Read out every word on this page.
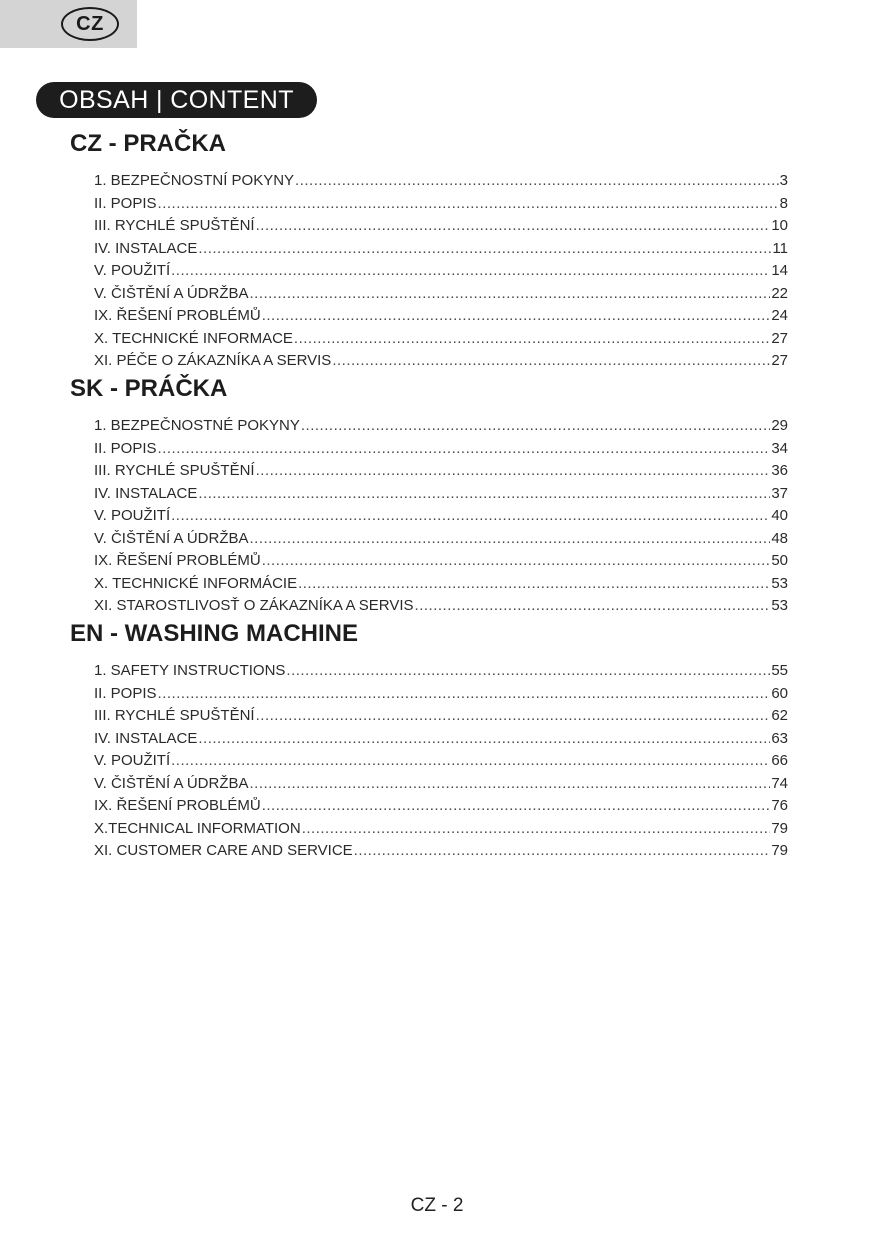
CZ
OBSAH | CONTENT
CZ - PRAČKA
1. BEZPEČNOSTNÍ POKYNY .....	3
II. POPIS .....	8
III. RYCHLÉ SPUŠTĚNÍ .....	10
IV. INSTALACE .....	11
V. POUŽITÍ .....	14
V. ČIŠTĚNÍ A ÚDRŽBA .....	22
IX. ŘEŠENÍ PROBLÉMŮ .....	24
X. TECHNICKÉ INFORMACE .....	27
XI. PÉČE O ZÁKAZNÍKA A SERVIS .....	27
SK - PRÁČKA
1. BEZPEČNOSTNÉ POKYNY .....	29
II. POPIS .....	34
III. RYCHLÉ SPUŠTĚNÍ .....	36
IV. INSTALACE .....	37
V. POUŽITÍ .....	40
V. ČIŠTĚNÍ A ÚDRŽBA .....	48
IX. ŘEŠENÍ PROBLÉMŮ .....	50
X. TECHNICKÉ INFORMÁCIE .....	53
XI. STAROSTLIVOSŤ O ZÁKAZNÍKA A SERVIS .....	53
EN - WASHING MACHINE
1. SAFETY INSTRUCTIONS .....	55
II. POPIS .....	60
III. RYCHLÉ SPUŠTĚNÍ .....	62
IV. INSTALACE .....	63
V. POUŽITÍ .....	66
V. ČIŠTĚNÍ A ÚDRŽBA .....	74
IX. ŘEŠENÍ PROBLÉMŮ .....	76
X.TECHNICAL INFORMATION .....	79
XI. CUSTOMER CARE AND SERVICE .....	79
CZ - 2
